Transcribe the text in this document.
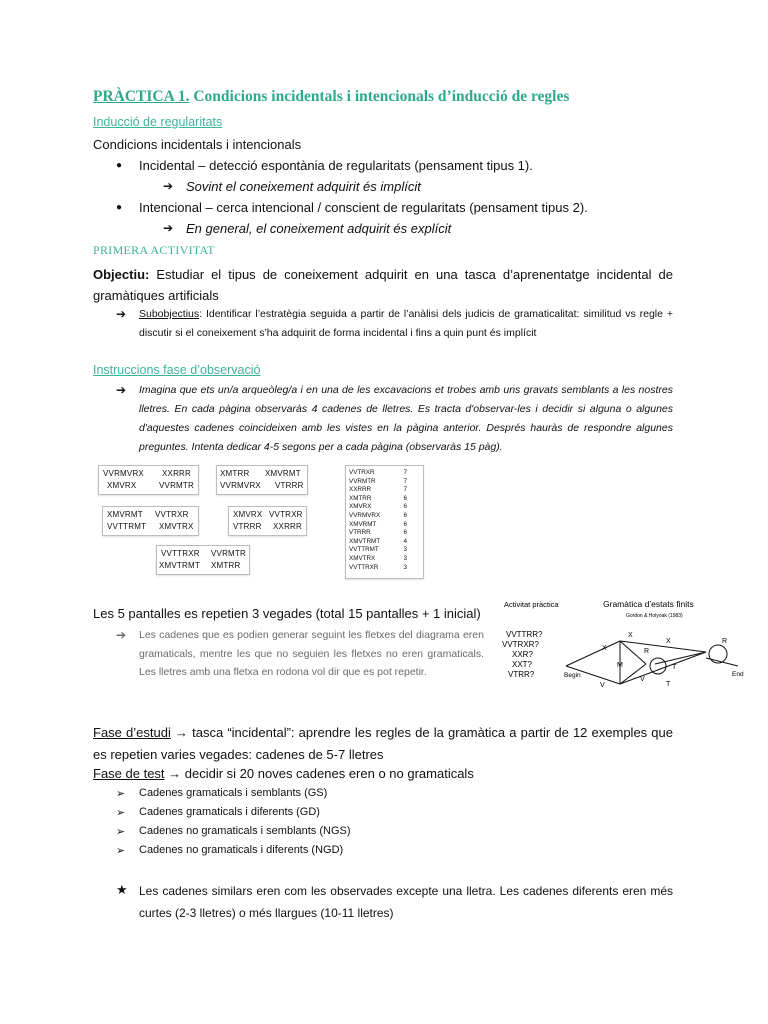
PRÀCTICA 1. Condicions incidentals i intencionals d’inducció de regles
Inducció de regularitats
Condicions incidentals i intencionals
● Incidental – detecció espontània de regularitats (pensament tipus 1).
➔ Sovint el coneixement adquirit és implícit
● Intencional – cerca intencional / conscient de regularitats (pensament tipus 2).
➔ En general, el coneixement adquirit és explícit
PRIMERA ACTIVITAT
Objectiu: Estudiar el tipus de coneixement adquirit en una tasca d’aprenentatge incidental de gramàtiques artificials
➔ Subobjectius: Identificar l’estratègia seguida a partir de l’anàlisi dels judicis de gramaticalitat: similitud vs regle + discutir si el coneixement s’ha adquirit de forma incidental i fins a quin punt és implícit
Instruccions fase d’observació
➔ Imagina que ets un/a arqueòleg/a i en una de les excavacions et trobes amb uns gravats semblants a les nostres lletres. En cada pàgina observaràs 4 cadenes de lletres. Es tracta d'observar-les i decidir si alguna o algunes d'aquestes cadenes coincideixen amb les vistes en la pàgina anterior. Després hauràs de respondre algunes preguntes. Intenta dedicar 4-5 segons per a cada pàgina (observaràs 15 pàg).
VVRMVRX XXRRR
XMVRX	VVRMTR
XMTRR XMVRMT
VVRMVRX VTRRR
XMVRMT VVTRXR
VVTTRMT XMVTRX
XMVRX VVTRXR
VTRRR XXRRR
VVTTRXR VVRMTR
XMVTRMT XMTRR
VVTRXR	7
VVRMTR	7
XXRRR	7
XMTRR	6
XMVRX	6
VVRMVRX	6
XMVRMT	6
VTRRR	6
XMVTRMT	4
VVTTRMT	3
XMVTRX	3
VVTTRXR	3
Les 5 pantalles es repetien 3 vegades (total 15 pantalles + 1 inicial)
➔ Les cadenes que es podien generar seguint les fletxes del diagrama eren gramaticals, mentre les que no seguien les fletxes no eren gramaticals. Les lletres amb una fletxa en rodona vol dir que es pot repetir.
Activitat pràctica	Gramàtica d’estats finits
Gordon & Holyoak (1983)
VVTTRR?
VVTRXR?
XXR?
XXT?
VTRR?	Begin	End
X
X
M
R
R
T
T
V
V
X
Fase d’estudi → tasca “incidental”: aprendre les regles de la gramàtica a partir de 12 exemples que es repetien varies vegades: cadenes de 5-7 lletres
Fase de test → decidir si 20 noves cadenes eren o no gramaticals
➢ Cadenes gramaticals i semblants (GS)
➢ Cadenes gramaticals i diferents (GD)
➢ Cadenes no gramaticals i semblants (NGS)
➢ Cadenes no gramaticals i diferents (NGD)
★ Les cadenes similars eren com les observades excepte una lletra. Les cadenes diferents eren més curtes (2-3 lletres) o més llargues (10-11 lletres)
